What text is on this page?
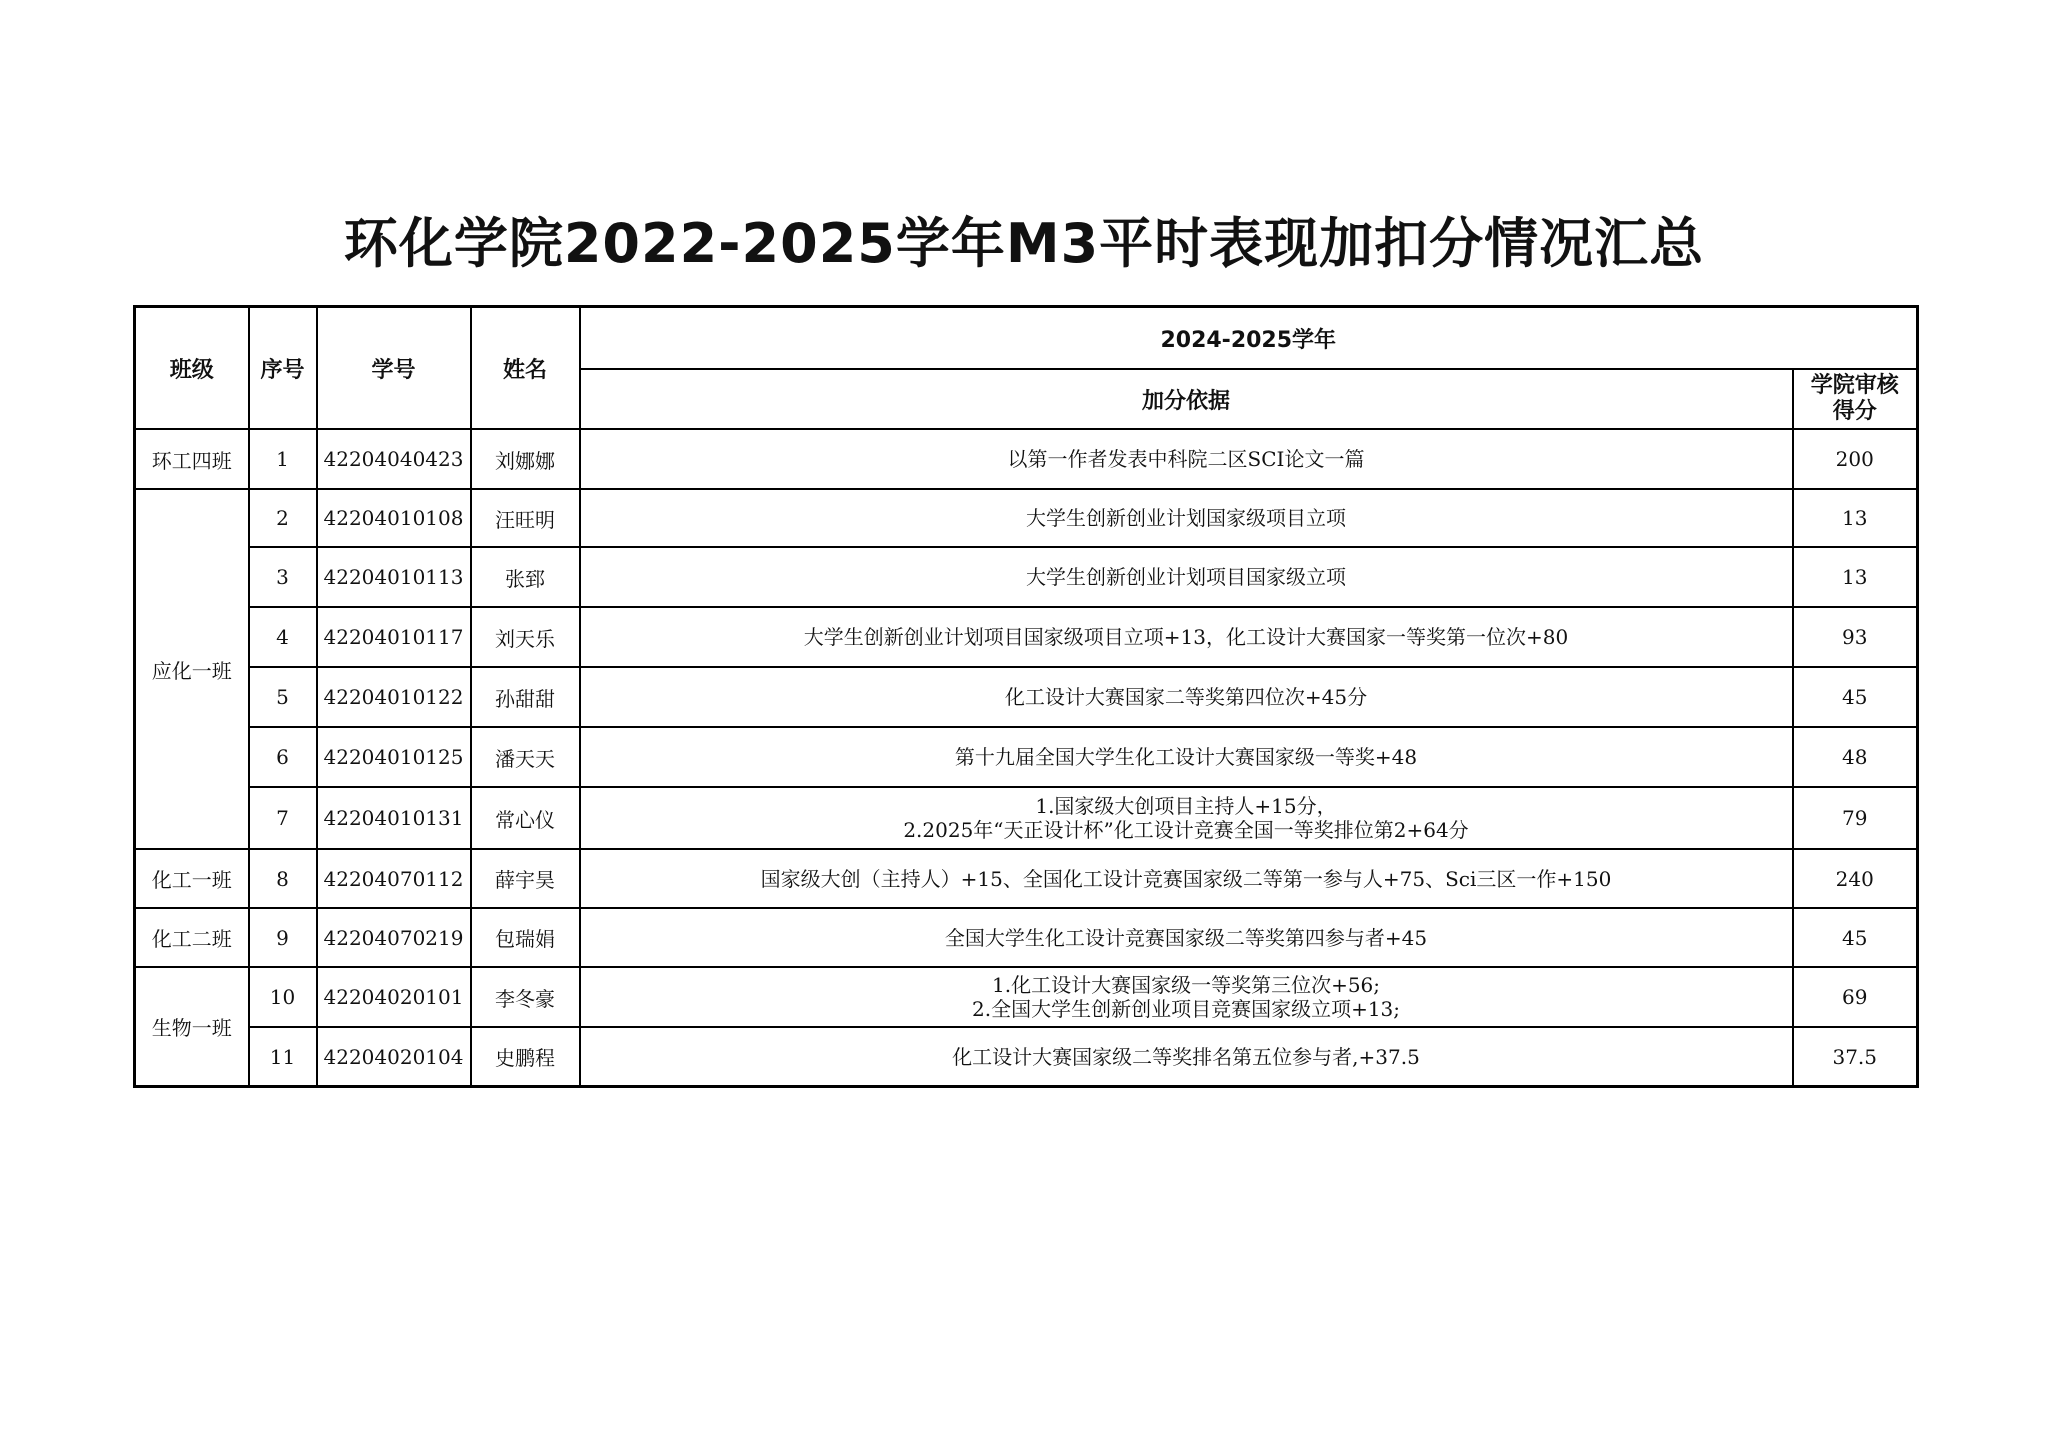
环化学院2022-2025学年M3平时表现加扣分情况汇总
班级	序号	学号	姓名	2024-2025学年	
				加分依据	学院审核
得分

环工四班	1	42204040423	刘娜娜	以第一作者发表中科院二区SCI论文一篇	200
应化一班	2	42204010108	汪旺明	大学生创新创业计划国家级项目立项	13
	3	42204010113	张郅	大学生创新创业计划项目国家级立项	13
	4	42204010117	刘天乐	大学生创新创业计划项目国家级项目立项+13，化工设计大赛国家一等奖第一位次+80	93
	5	42204010122	孙甜甜	化工设计大赛国家二等奖第四位次+45分	45
	6	42204010125	潘天天	第十九届全国大学生化工设计大赛国家级一等奖+48	48
	7	42204010131	常心仪	1.国家级大创项目主持人+15分，
2.2025年“天正设计杯”化工设计竞赛全国一等奖排位第2+64分	79
化工一班	8	42204070112	薛宇昊	国家级大创（主持人）+15、全国化工设计竞赛国家级二等第一参与人+75、Sci三区一作+150	240
化工二班	9	42204070219	包瑞娟	全国大学生化工设计竞赛国家级二等奖第四参与者+45	45
生物一班	10	42204020101	李冬豪	1.化工设计大赛国家级一等奖第三位次+56;
2.全国大学生创新创业项目竞赛国家级立项+13;	69
	11	42204020104	史鹏程	化工设计大赛国家级二等奖排名第五位参与者,+37.5	37.5
